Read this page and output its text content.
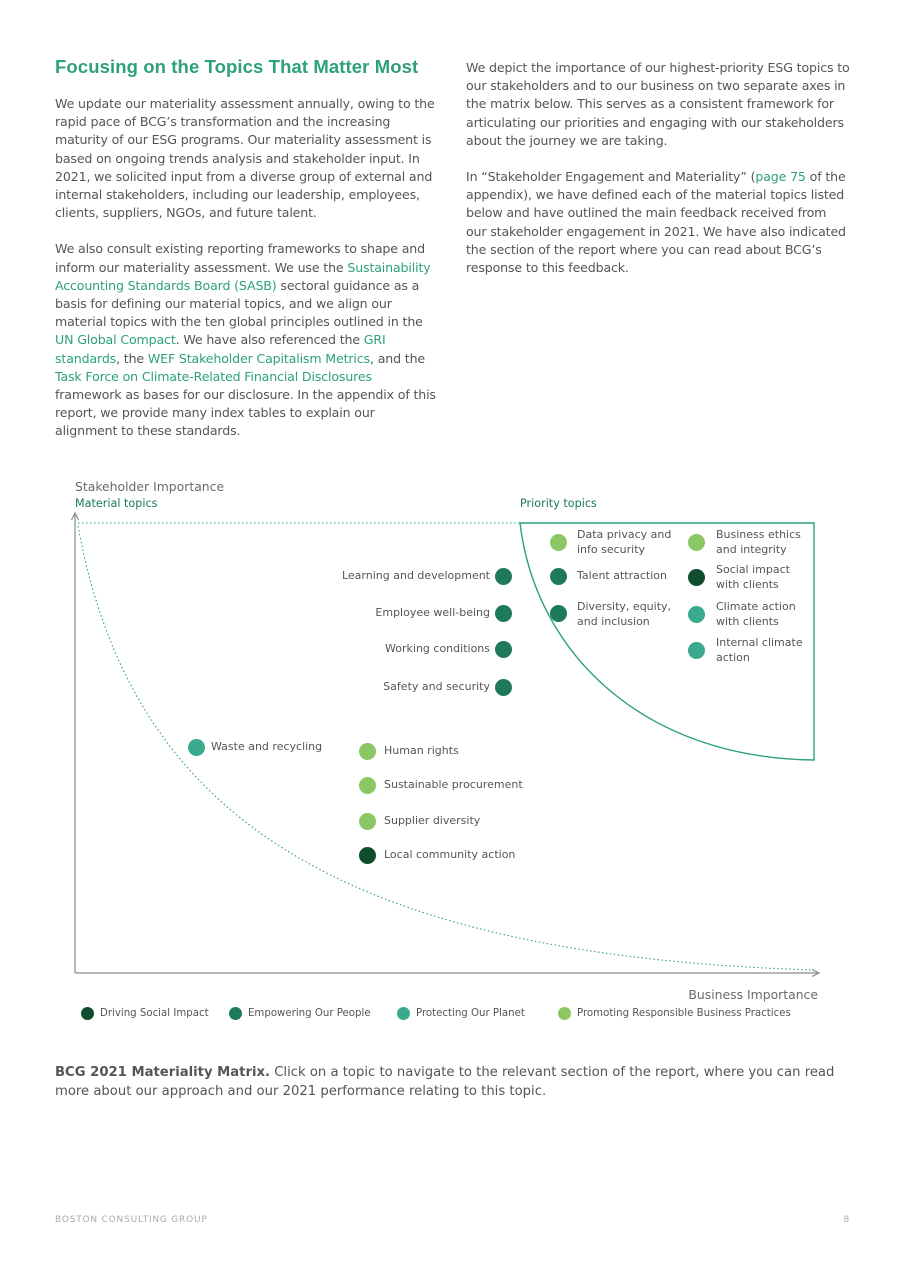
Focusing on the Topics That Matter Most

We update our materiality assessment annually, owing to the rapid pace of BCG’s transformation and the increasing maturity of our ESG programs. Our materiality assessment is based on ongoing trends analysis and stakeholder input. In 2021, we solicited input from a diverse group of external and internal stakeholders, including our leadership, employees, clients, suppliers, NGOs, and future talent.

We also consult existing reporting frameworks to shape and inform our materiality assessment. We use the Sustainability Accounting Standards Board (SASB) sectoral guidance as a basis for defining our material topics, and we align our material topics with the ten global principles outlined in the UN Global Compact. We have also referenced the GRI standards, the WEF Stakeholder Capitalism Metrics, and the Task Force on Climate-Related Financial Disclosures framework as bases for our disclosure. In the appendix of this report, we provide many index tables to explain our alignment to these standards.

We depict the importance of our highest-priority ESG topics to our stakeholders and to our business on two separate axes in the matrix below. This serves as a consistent framework for articulating our priorities and engaging with our stakeholders about the journey we are taking.

In “Stakeholder Engagement and Materiality” (page 75 of the appendix), we have defined each of the material topics listed below and have outlined the main feedback received from our stakeholder engagement in 2021. We have also indicated the section of the report where you can read about BCG’s response to this feedback.

Stakeholder Importance
Material topics	Priority topics
Business Importance
Data privacy and info security
Talent attraction
Diversity, equity, and inclusion
Business ethics and integrity
Social impact with clients
Climate action with clients
Internal climate action
Learning and development
Employee well-being
Working conditions
Safety and security
Waste and recycling	Human rights
Sustainable procurement
Supplier diversity
Local community action
Driving Social Impact	Empowering Our People	Protecting Our Planet	Promoting Responsible Business Practices

BCG 2021 Materiality Matrix. Click on a topic to navigate to the relevant section of the report, where you can read more about our approach and our 2021 performance relating to this topic.

BOSTON CONSULTING GROUP	8
